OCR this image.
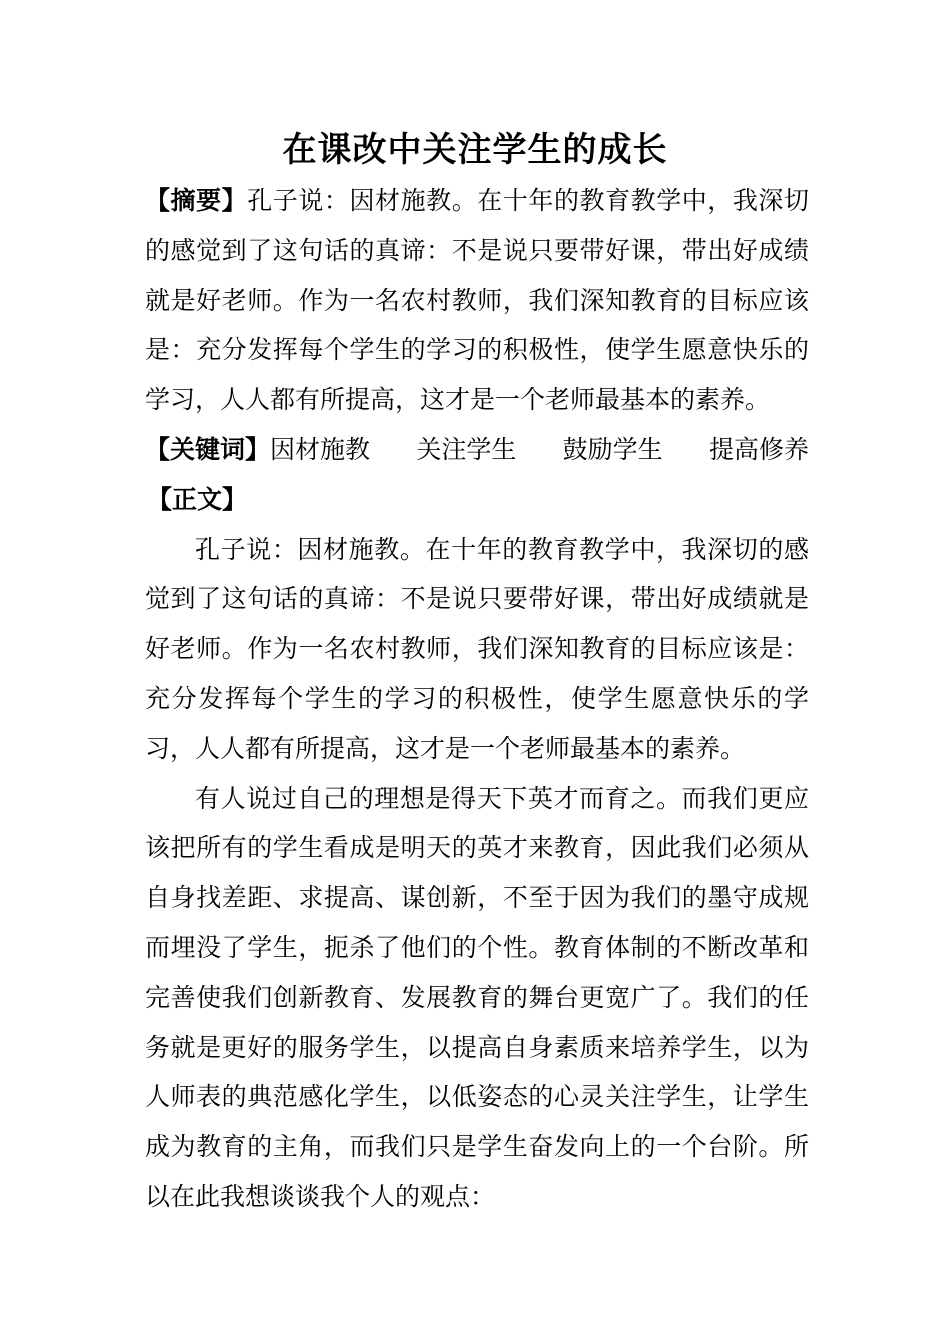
在课改中关注学生的成长

【摘要】孔子说：因材施教。在十年的教育教学中，我深切的感觉到了这句话的真谛：不是说只要带好课，带出好成绩就是好老师。作为一名农村教师，我们深知教育的目标应该是：充分发挥每个学生的学习的积极性，使学生愿意快乐的学习，人人都有所提高，这才是一个老师最基本的素养。

【关键词】因材施教 关注学生 鼓励学生 提高修养

【正文】

孔子说：因材施教。在十年的教育教学中，我深切的感觉到了这句话的真谛：不是说只要带好课，带出好成绩就是好老师。作为一名农村教师，我们深知教育的目标应该是：充分发挥每个学生的学习的积极性，使学生愿意快乐的学习，人人都有所提高，这才是一个老师最基本的素养。

有人说过自己的理想是得天下英才而育之。而我们更应该把所有的学生看成是明天的英才来教育，因此我们必须从自身找差距、求提高、谋创新，不至于因为我们的墨守成规而埋没了学生，扼杀了他们的个性。教育体制的不断改革和完善使我们创新教育、发展教育的舞台更宽广了。我们的任务就是更好的服务学生，以提高自身素质来培养学生，以为人师表的典范感化学生，以低姿态的心灵关注学生，让学生成为教育的主角，而我们只是学生奋发向上的一个台阶。所以在此我想谈谈我个人的观点：
